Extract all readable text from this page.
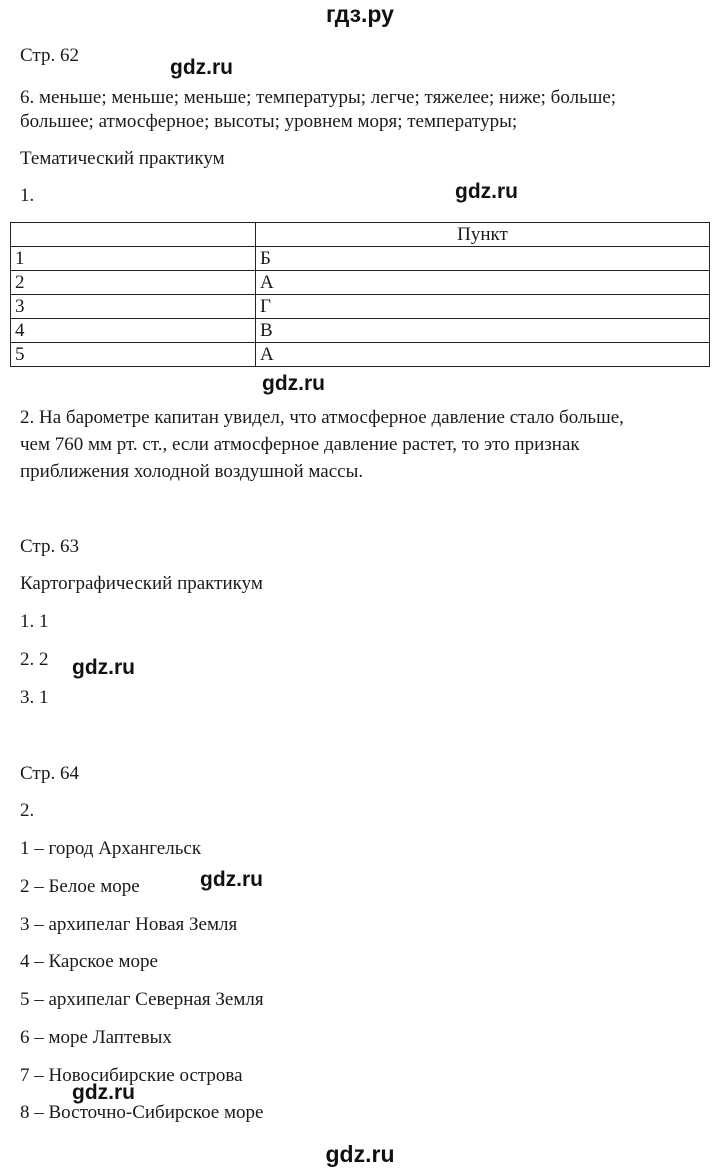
гдз.ру
Стр. 62
gdz.ru
6. меньше; меньше; меньше; температуры; легче; тяжелее; ниже; больше;
большее; атмосферное; высоты; уровнем моря; температуры;
Тематический практикум
1.	gdz.ru
	Пункт
1	Б
2	А
3	Г
4	В
5	А
gdz.ru
2. На барометре капитан увидел, что атмосферное давление стало больше,
чем 760 мм рт. ст., если атмосферное давление растет, то это признак
приближения холодной воздушной массы.
Стр. 63
Картографический практикум
1. 1
2. 2 gdz.ru
3. 1
Стр. 64
2.
1 – город Архангельск
2 – Белое море	gdz.ru
3 – архипелаг Новая Земля
4 – Карское море
5 – архипелаг Северная Земля
6 – море Лаптевых
7 – Новосибирские острова
gdz.ru
8 – Восточно-Сибирское море
gdz.ru
